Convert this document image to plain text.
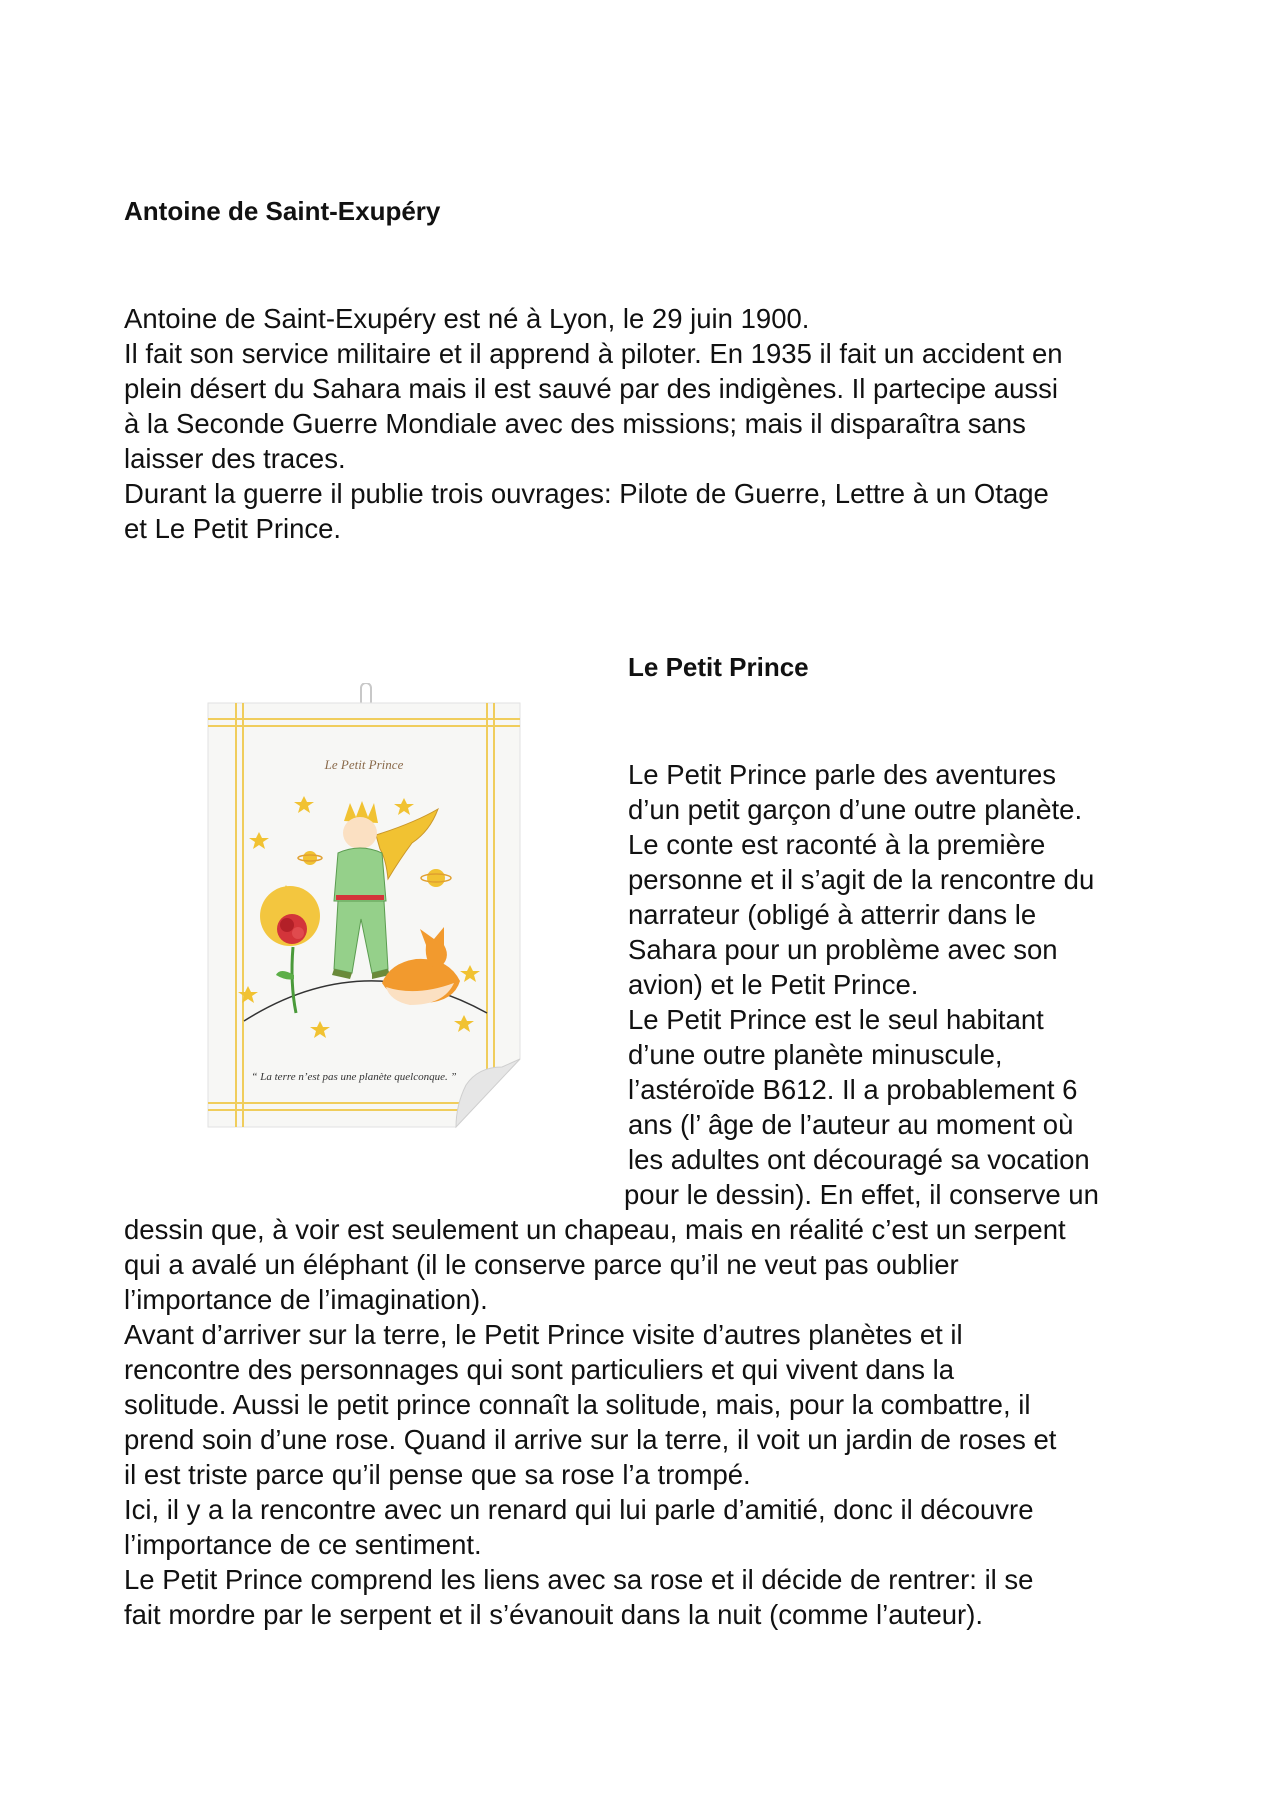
Antoine de Saint-Exupéry

Antoine de Saint-Exupéry est né à Lyon, le 29 juin 1900.

Il fait son service militaire et il apprend à piloter. En 1935 il fait un accident en

plein désert du Sahara mais il est sauvé par des indigènes. Il partecipe aussi

à la Seconde Guerre Mondiale avec des missions; mais il disparaîtra sans

laisser des traces.

Durant la guerre il publie trois ouvrages: Pilote de Guerre, Lettre à un Otage

et Le Petit Prince.

Le Petit Prince
Le Petit Prince
“ La terre n’est pas une planète quelconque. ”

Le Petit Prince parle des aventures

d’un petit garçon d’une outre planète.

Le conte est raconté à la première

personne et il s’agit de la rencontre du

narrateur (obligé à atterrir dans le

Sahara pour un problème avec son

avion) et le Petit Prince.

Le Petit Prince est le seul habitant

d’une outre planète minuscule,

l’astéroïde B612. Il a probablement 6

ans (l’ âge de l’auteur au moment où

les adultes ont découragé sa vocation

pour le dessin). En effet, il conserve un

dessin que, à voir est seulement un chapeau, mais en réalité c’est un serpent

qui a avalé un éléphant (il le conserve parce qu’il ne veut pas oublier

l’importance de l’imagination).

Avant d’arriver sur la terre, le Petit Prince visite d’autres planètes et il

rencontre des personnages qui sont particuliers et qui vivent dans la

solitude. Aussi le petit prince connaît la solitude, mais, pour la combattre, il

prend soin d’une rose. Quand il arrive sur la terre, il voit un jardin de roses et

il est triste parce qu’il pense que sa rose l’a trompé.

Ici, il y a la rencontre avec un renard qui lui parle d’amitié, donc il découvre

l’importance de ce sentiment.

Le Petit Prince comprend les liens avec sa rose et il décide de rentrer: il se

fait mordre par le serpent et il s’évanouit dans la nuit (comme l’auteur).
